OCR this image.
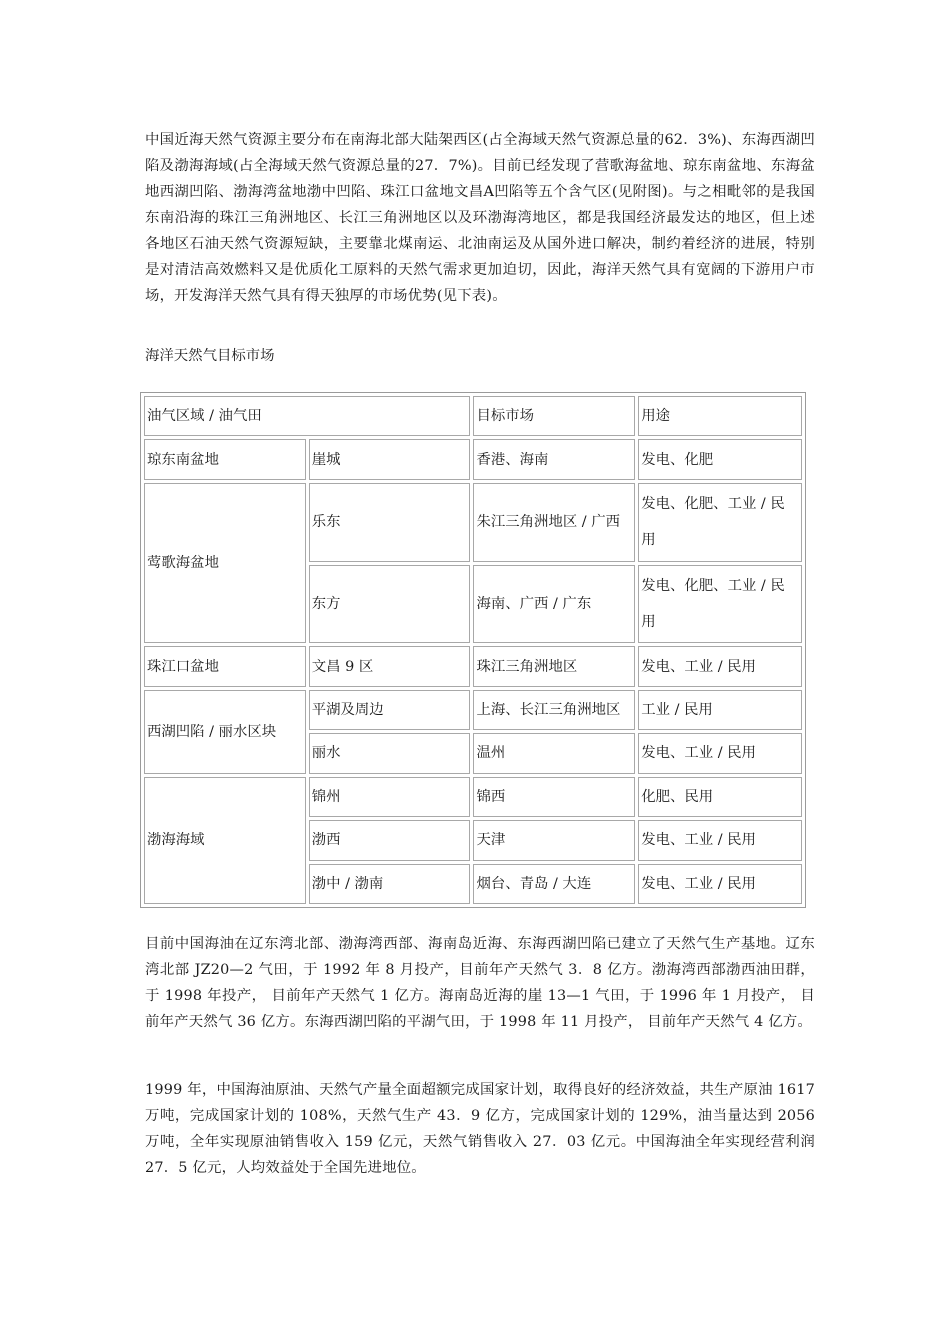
中国近海天然气资源主要分布在南海北部大陆架西区(占全海域天然气资源总量的62．3%)、东海西湖凹陷及渤海海域(占全海域天然气资源总量的27．7%)。目前已经发现了营歌海盆地、琼东南盆地、东海盆地西湖凹陷、渤海湾盆地渤中凹陷、珠江口盆地文昌A凹陷等五个含气区(见附图)。与之相毗邻的是我国东南沿海的珠江三角洲地区、长江三角洲地区以及环渤海湾地区，都是我国经济最发达的地区，但上述各地区石油天然气资源短缺，主要靠北煤南运、北油南运及从国外进口解决，制约着经济的进展，特别是对清洁高效燃料又是优质化工原料的天然气需求更加迫切，因此，海洋天然气具有宽阔的下游用户市场，开发海洋天然气具有得天独厚的市场优势(见下表)。

海洋天然气目标市场

油气区域 / 油气田		目标市场	用途
琼东南盆地	崖城	香港、海南	发电、化肥
莺歌海盆地	乐东	朱江三角洲地区 / 广西	发电、化肥、工业 / 民用
	东方	海南、广西 / 广东	发电、化肥、工业 / 民用
珠江口盆地	文昌 9 区	珠江三角洲地区	发电、工业 / 民用
西湖凹陷 / 丽水区块	平湖及周边	上海、长江三角洲地区	工业 / 民用
	丽水	温州	发电、工业 / 民用
渤海海域	锦州	锦西	化肥、民用
	渤西	天津	发电、工业 / 民用
	渤中 / 渤南	烟台、青岛 / 大连	发电、工业 / 民用

目前中国海油在辽东湾北部、渤海湾西部、海南岛近海、东海西湖凹陷已建立了天然气生产基地。辽东湾北部 JZ20—2 气田，于 1992 年 8 月投产，目前年产天然气 3．8 亿方。渤海湾西部渤西油田群，于 1998 年投产， 目前年产天然气 1 亿方。海南岛近海的崖 13—1 气田，于 1996 年 1 月投产， 目前年产天然气 36 亿方。东海西湖凹陷的平湖气田，于 1998 年 11 月投产， 目前年产天然气 4 亿方。

1999 年，中国海油原油、天然气产量全面超额完成国家计划，取得良好的经济效益，共生产原油 1617 万吨，完成国家计划的 108%，天然气生产 43．9 亿方，完成国家计划的 129%，油当量达到 2056 万吨，全年实现原油销售收入 159 亿元，天然气销售收入 27．03 亿元。中国海油全年实现经营利润 27．5 亿元，人均效益处于全国先进地位。
